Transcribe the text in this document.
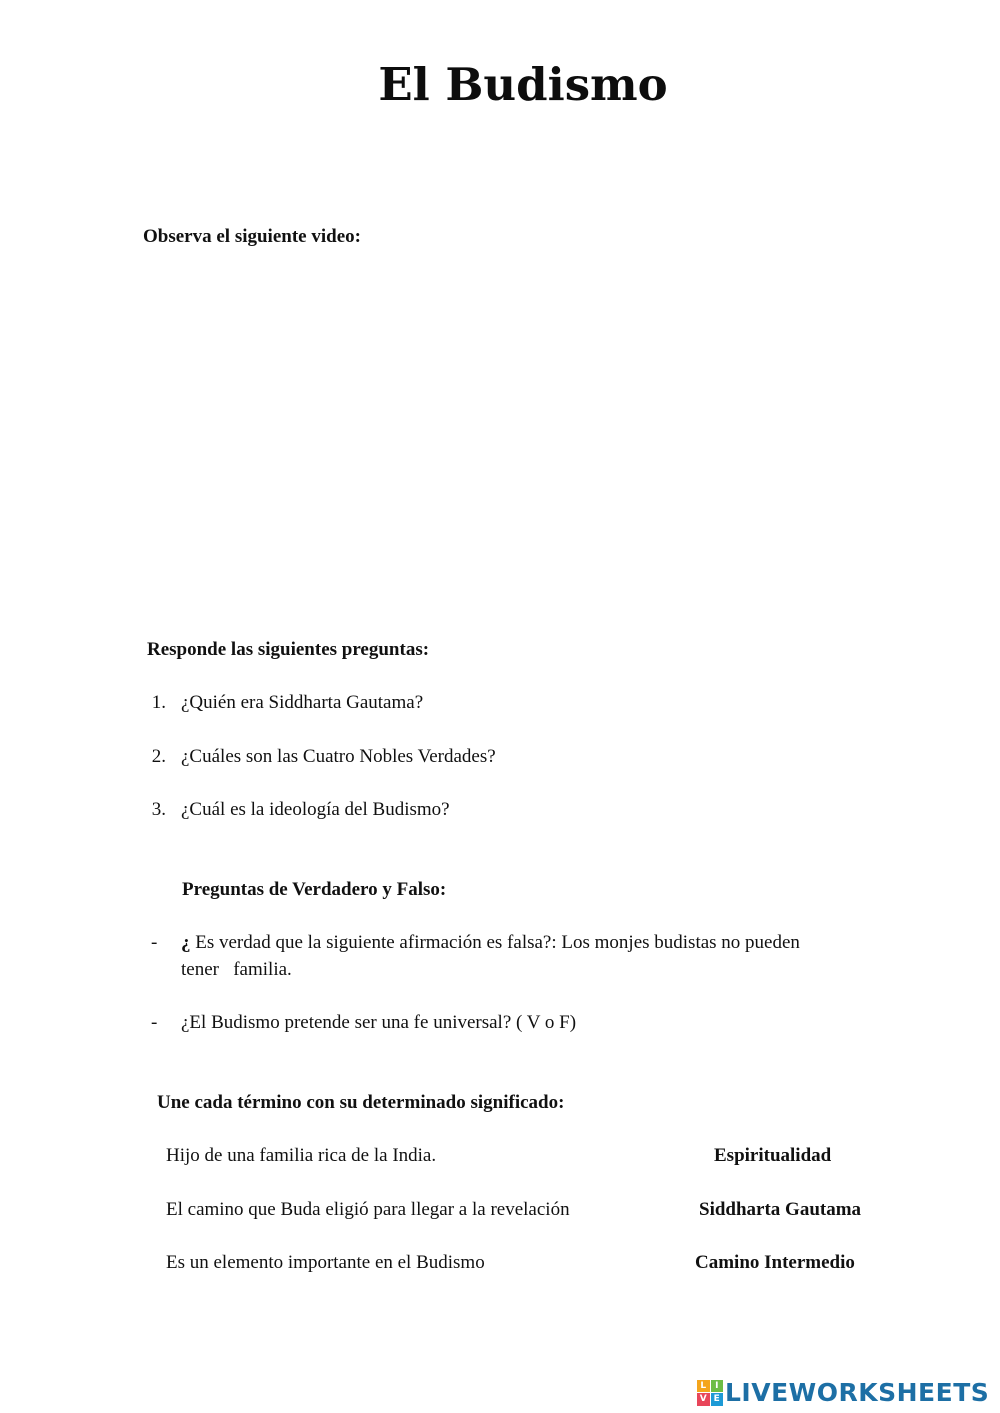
El Budismo
Observa el siguiente video:
Responde las siguientes preguntas:
1. ¿Quién era Siddharta Gautama?
2. ¿Cuáles son las Cuatro Nobles Verdades?
3. ¿Cuál es la ideología del Budismo?
Preguntas de Verdadero y Falso:
- ¿ Es verdad que la siguiente afirmación es falsa?: Los monjes budistas no pueden
tener   familia.
- ¿El Budismo pretende ser una fe universal? ( V o F)
Une cada término con su determinado significado:
Hijo de una familia rica de la India.	Espiritualidad
El camino que Buda eligió para llegar a la revelación	Siddharta Gautama
Es un elemento importante en el Budismo	Camino Intermedio
L I
V E LIVEWORKSHEETS
